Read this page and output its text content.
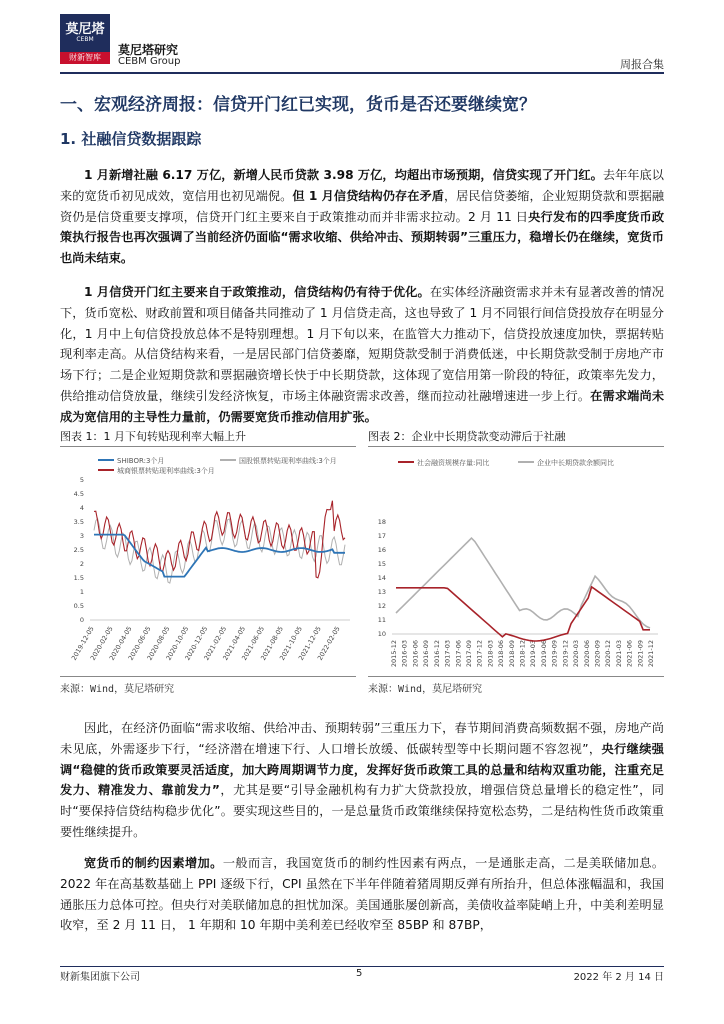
莫尼塔
CEBM
财新智库
莫尼塔研究
CEBM Group	周报合集
一、宏观经济周报：信贷开门红已实现，货币是否还要继续宽？
1. 社融信贷数据跟踪
1 月新增社融 6.17 万亿，新增人民币贷款 3.98 万亿，均超出市场预期，信贷实现了开门红。去年年底以来的宽货币初见成效，宽信用也初见端倪。但 1 月信贷结构仍存在矛盾，居民信贷萎缩，企业短期贷款和票据融资仍是信贷重要支撑项，信贷开门红主要来自于政策推动而并非需求拉动。2 月 11 日央行发布的四季度货币政策执行报告也再次强调了当前经济仍面临“需求收缩、供给冲击、预期转弱”三重压力，稳增长仍在继续，宽货币也尚未结束。
1 月信贷开门红主要来自于政策推动，信贷结构仍有待于优化。在实体经济融资需求并未有显著改善的情况下，货币宽松、财政前置和项目储备共同推动了 1 月信贷走高，这也导致了 1 月不同银行间信贷投放存在明显分化，1 月中上旬信贷投放总体不是特别理想。1 月下旬以来，在监管大力推动下，信贷投放速度加快，票据转贴现利率走高。从信贷结构来看，一是居民部门信贷萎靡，短期贷款受制于消费低迷，中长期贷款受制于房地产市场下行；二是企业短期贷款和票据融资增长快于中长期贷款，这体现了宽信用第一阶段的特征，政策率先发力，供给推动信贷放量，继续引发经济恢复，市场主体融资需求改善，继而拉动社融增速进一步上行。在需求端尚未成为宽信用的主导性力量前，仍需要宽货币推动信用扩张。
图表 1：1 月下旬转贴现利率大幅上升	图表 2：企业中长期贷款变动滞后于社融
SHIBOR:3个月	国股银票转贴现利率曲线:3个月
城商银票转贴现利率曲线:3个月
0
0.5
1
1.5
2
2.5
3
3.5
4
4.5
5
2019-12-05
2020-02-05
2020-04-05
2020-06-05
2020-08-05
2020-10-05
2020-12-05
2021-02-05
2021-04-05
2021-06-05
2021-08-05
2021-10-05
2021-12-05
2022-02-05
社会融资规模存量:同比	企业中长期贷款余额同比
10
11
12
13
14
15
16
17
18
2015-12 2016-03 2016-06 2016-09 2016-12 2017-03 2017-06 2017-09 2017-12 2018-03 2018-06 2018-09 2018-12 2019-03 2019-06 2019-09 2019-12 2020-03 2020-06 2020-09 2020-12 2021-03 2021-06 2021-09 2021-12
来源：Wind，莫尼塔研究	来源：Wind，莫尼塔研究
因此，在经济仍面临“需求收缩、供给冲击、预期转弱”三重压力下，春节期间消费高频数据不强，房地产尚未见底，外需逐步下行，“经济潜在增速下行、人口增长放缓、低碳转型等中长期问题不容忽视”，央行继续强调“稳健的货币政策要灵活适度，加大跨周期调节力度，发挥好货币政策工具的总量和结构双重功能，注重充足发力、精准发力、靠前发力”，尤其是要“引导金融机构有力扩大贷款投放，增强信贷总量增长的稳定性”，同时“要保持信贷结构稳步优化”。要实现这些目的，一是总量货币政策继续保持宽松态势，二是结构性货币政策重要性继续提升。
宽货币的制约因素增加。一般而言，我国宽货币的制约性因素有两点，一是通胀走高，二是美联储加息。2022 年在高基数基础上 PPI 逐级下行，CPI 虽然在下半年伴随着猪周期反弹有所抬升，但总体涨幅温和，我国通胀压力总体可控。但央行对美联储加息的担忧加深。美国通胀屡创新高，美债收益率陡峭上升，中美利差明显收窄，至 2 月 11 日， 1 年期和 10 年期中美利差已经收窄至 85BP 和 87BP，
财新集团旗下公司	5	2022 年 2 月 14 日
